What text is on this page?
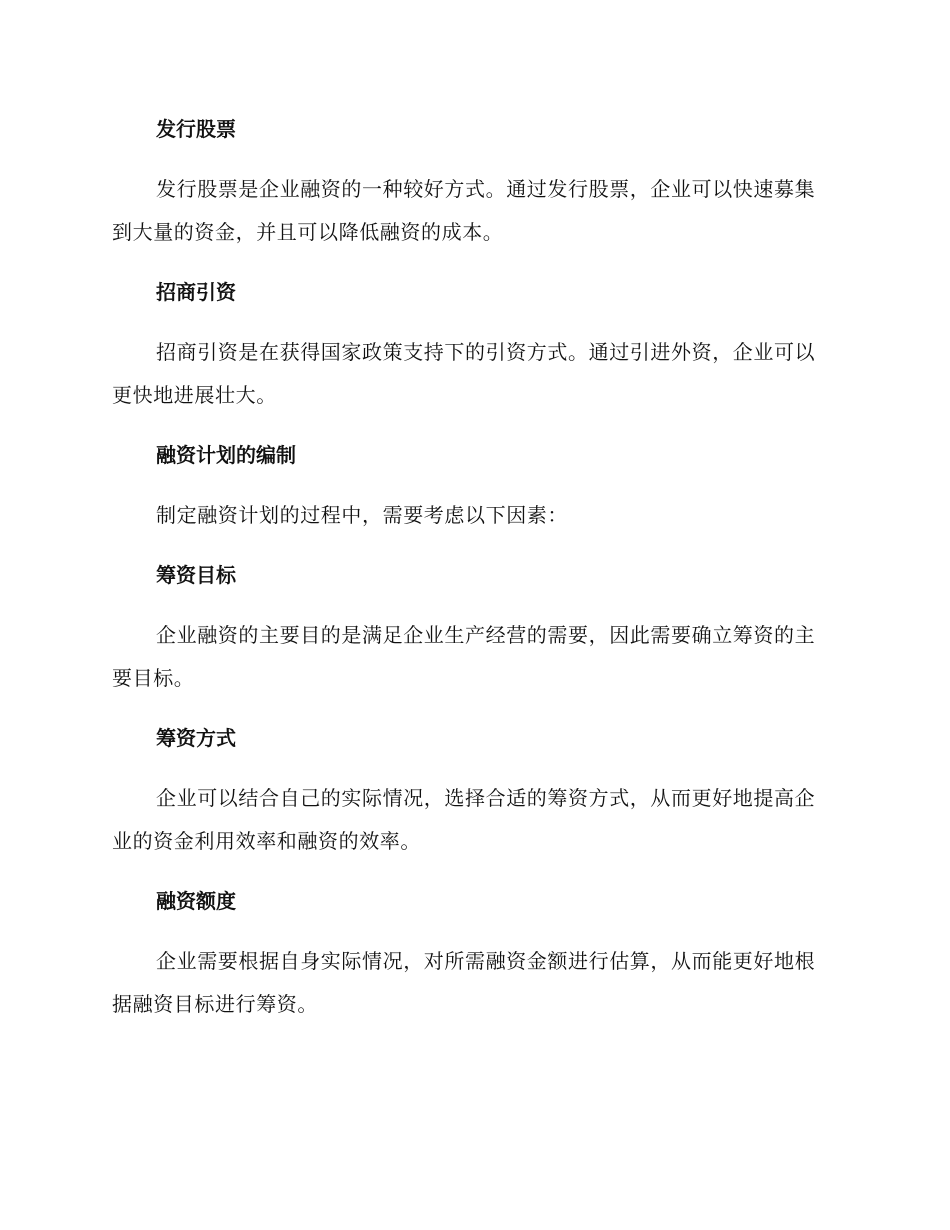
发行股票

发行股票是企业融资的一种较好方式。通过发行股票，企业可以快速募集到大量的资金，并且可以降低融资的成本。

招商引资

招商引资是在获得国家政策支持下的引资方式。通过引进外资，企业可以更快地进展壮大。

融资计划的编制

制定融资计划的过程中，需要考虑以下因素：

筹资目标

企业融资的主要目的是满足企业生产经营的需要，因此需要确立筹资的主要目标。

筹资方式

企业可以结合自己的实际情况，选择合适的筹资方式，从而更好地提高企业的资金利用效率和融资的效率。

融资额度

企业需要根据自身实际情况，对所需融资金额进行估算，从而能更好地根据融资目标进行筹资。
